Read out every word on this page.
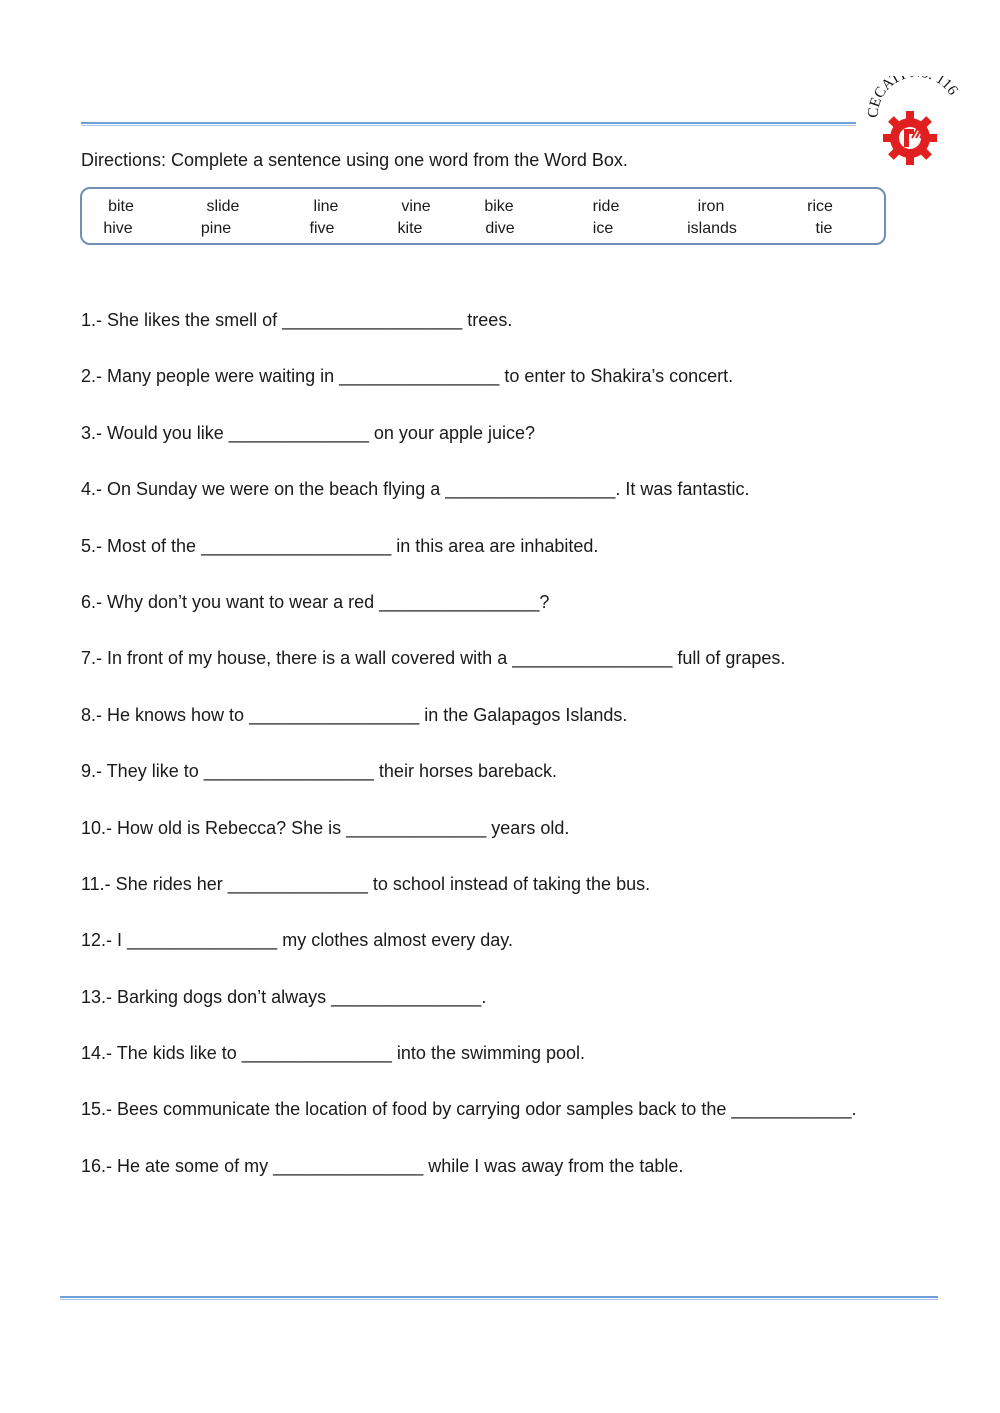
CECAT 116

Directions: Complete a sentence using one word from the Word Box.

bite	slide	line	vine	bike	ride	iron	rice
hive	pine	five	kite	dive	ice	islands	tie
1.- She likes the smell of __________________ trees.
2.- Many people were waiting in ________________ to enter to Shakira’s concert.
3.- Would you like ______________ on your apple juice?
4.- On Sunday we were on the beach flying a _________________. It was fantastic.
5.- Most of the ___________________ in this area are inhabited.
6.- Why don’t you want to wear a red ________________?
7.- In front of my house, there is a wall covered with a ________________ full of grapes.
8.- He knows how to _________________ in the Galapagos Islands.
9.- They like to _________________ their horses bareback.
10.- How old is Rebecca? She is ______________ years old.
11.- She rides her ______________ to school instead of taking the bus.
12.- I _______________ my clothes almost every day.
13.- Barking dogs don’t always _______________.
14.- The kids like to _______________ into the swimming pool.
15.- Bees communicate the location of food by carrying odor samples back to the ____________.
16.- He ate some of my _______________ while I was away from the table.
